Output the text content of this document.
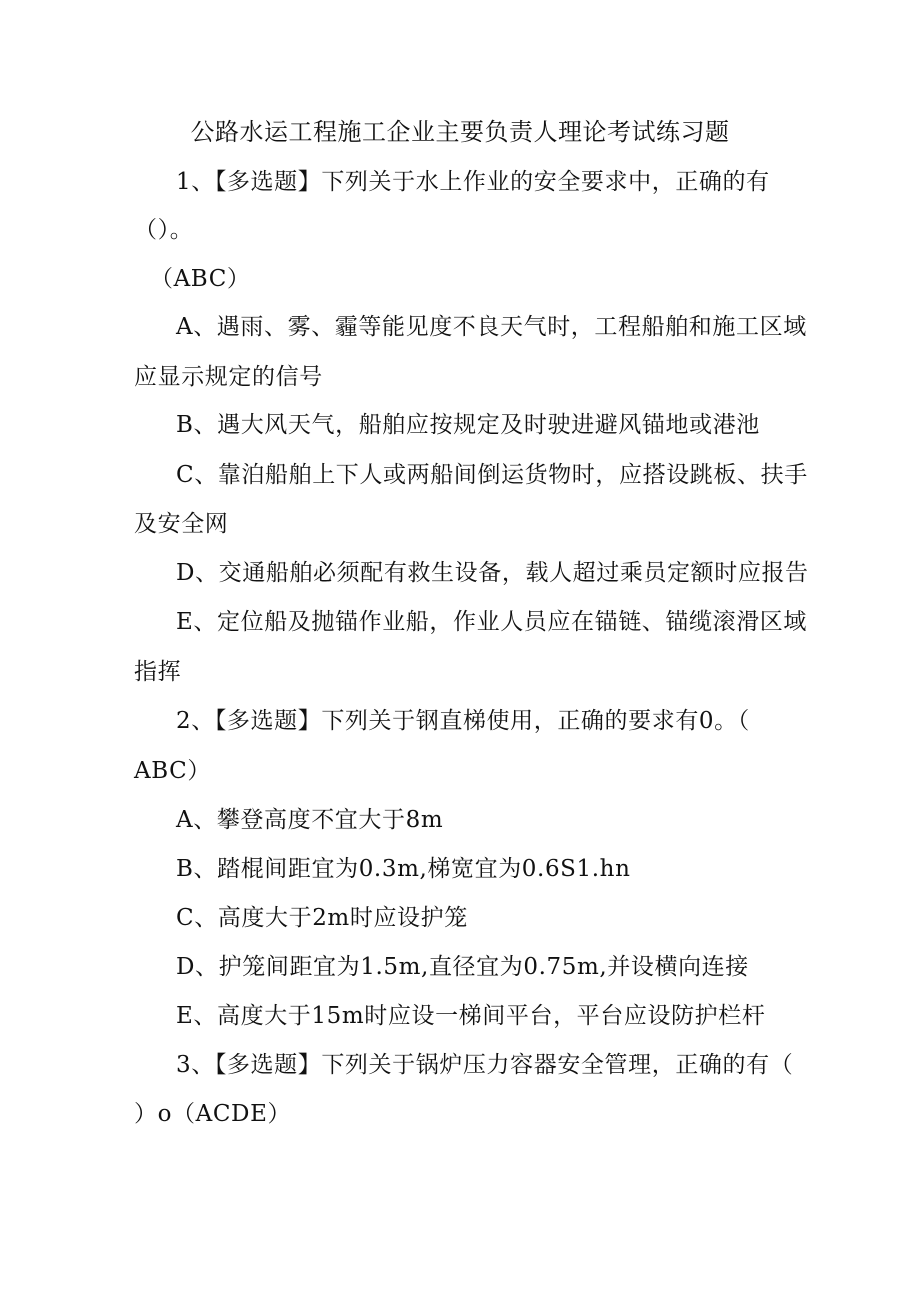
公路水运工程施工企业主要负责人理论考试练习题
1、【多选题】下列关于水上作业的安全要求中，正确的有
（）。
（ABC）
A、遇雨、雾、霾等能见度不良天气时，工程船舶和施工区域
应显示规定的信号
B、遇大风天气，船舶应按规定及时驶进避风锚地或港池
C、靠泊船舶上下人或两船间倒运货物时，应搭设跳板、扶手
及安全网
D、交通船舶必须配有救生设备，载人超过乘员定额时应报告
E、定位船及抛锚作业船，作业人员应在锚链、锚缆滚滑区域
指挥
2、【多选题】下列关于钢直梯使用，正确的要求有0。（
ABC）
A、攀登高度不宜大于8m
B、踏棍间距宜为0.3m,梯宽宜为0.6S1.hn
C、高度大于2m时应设护笼
D、护笼间距宜为1.5m,直径宜为0.75m,并设横向连接
E、高度大于15m时应设一梯间平台，平台应设防护栏杆
3、【多选题】下列关于锅炉压力容器安全管理，正确的有（
）o（ACDE）
